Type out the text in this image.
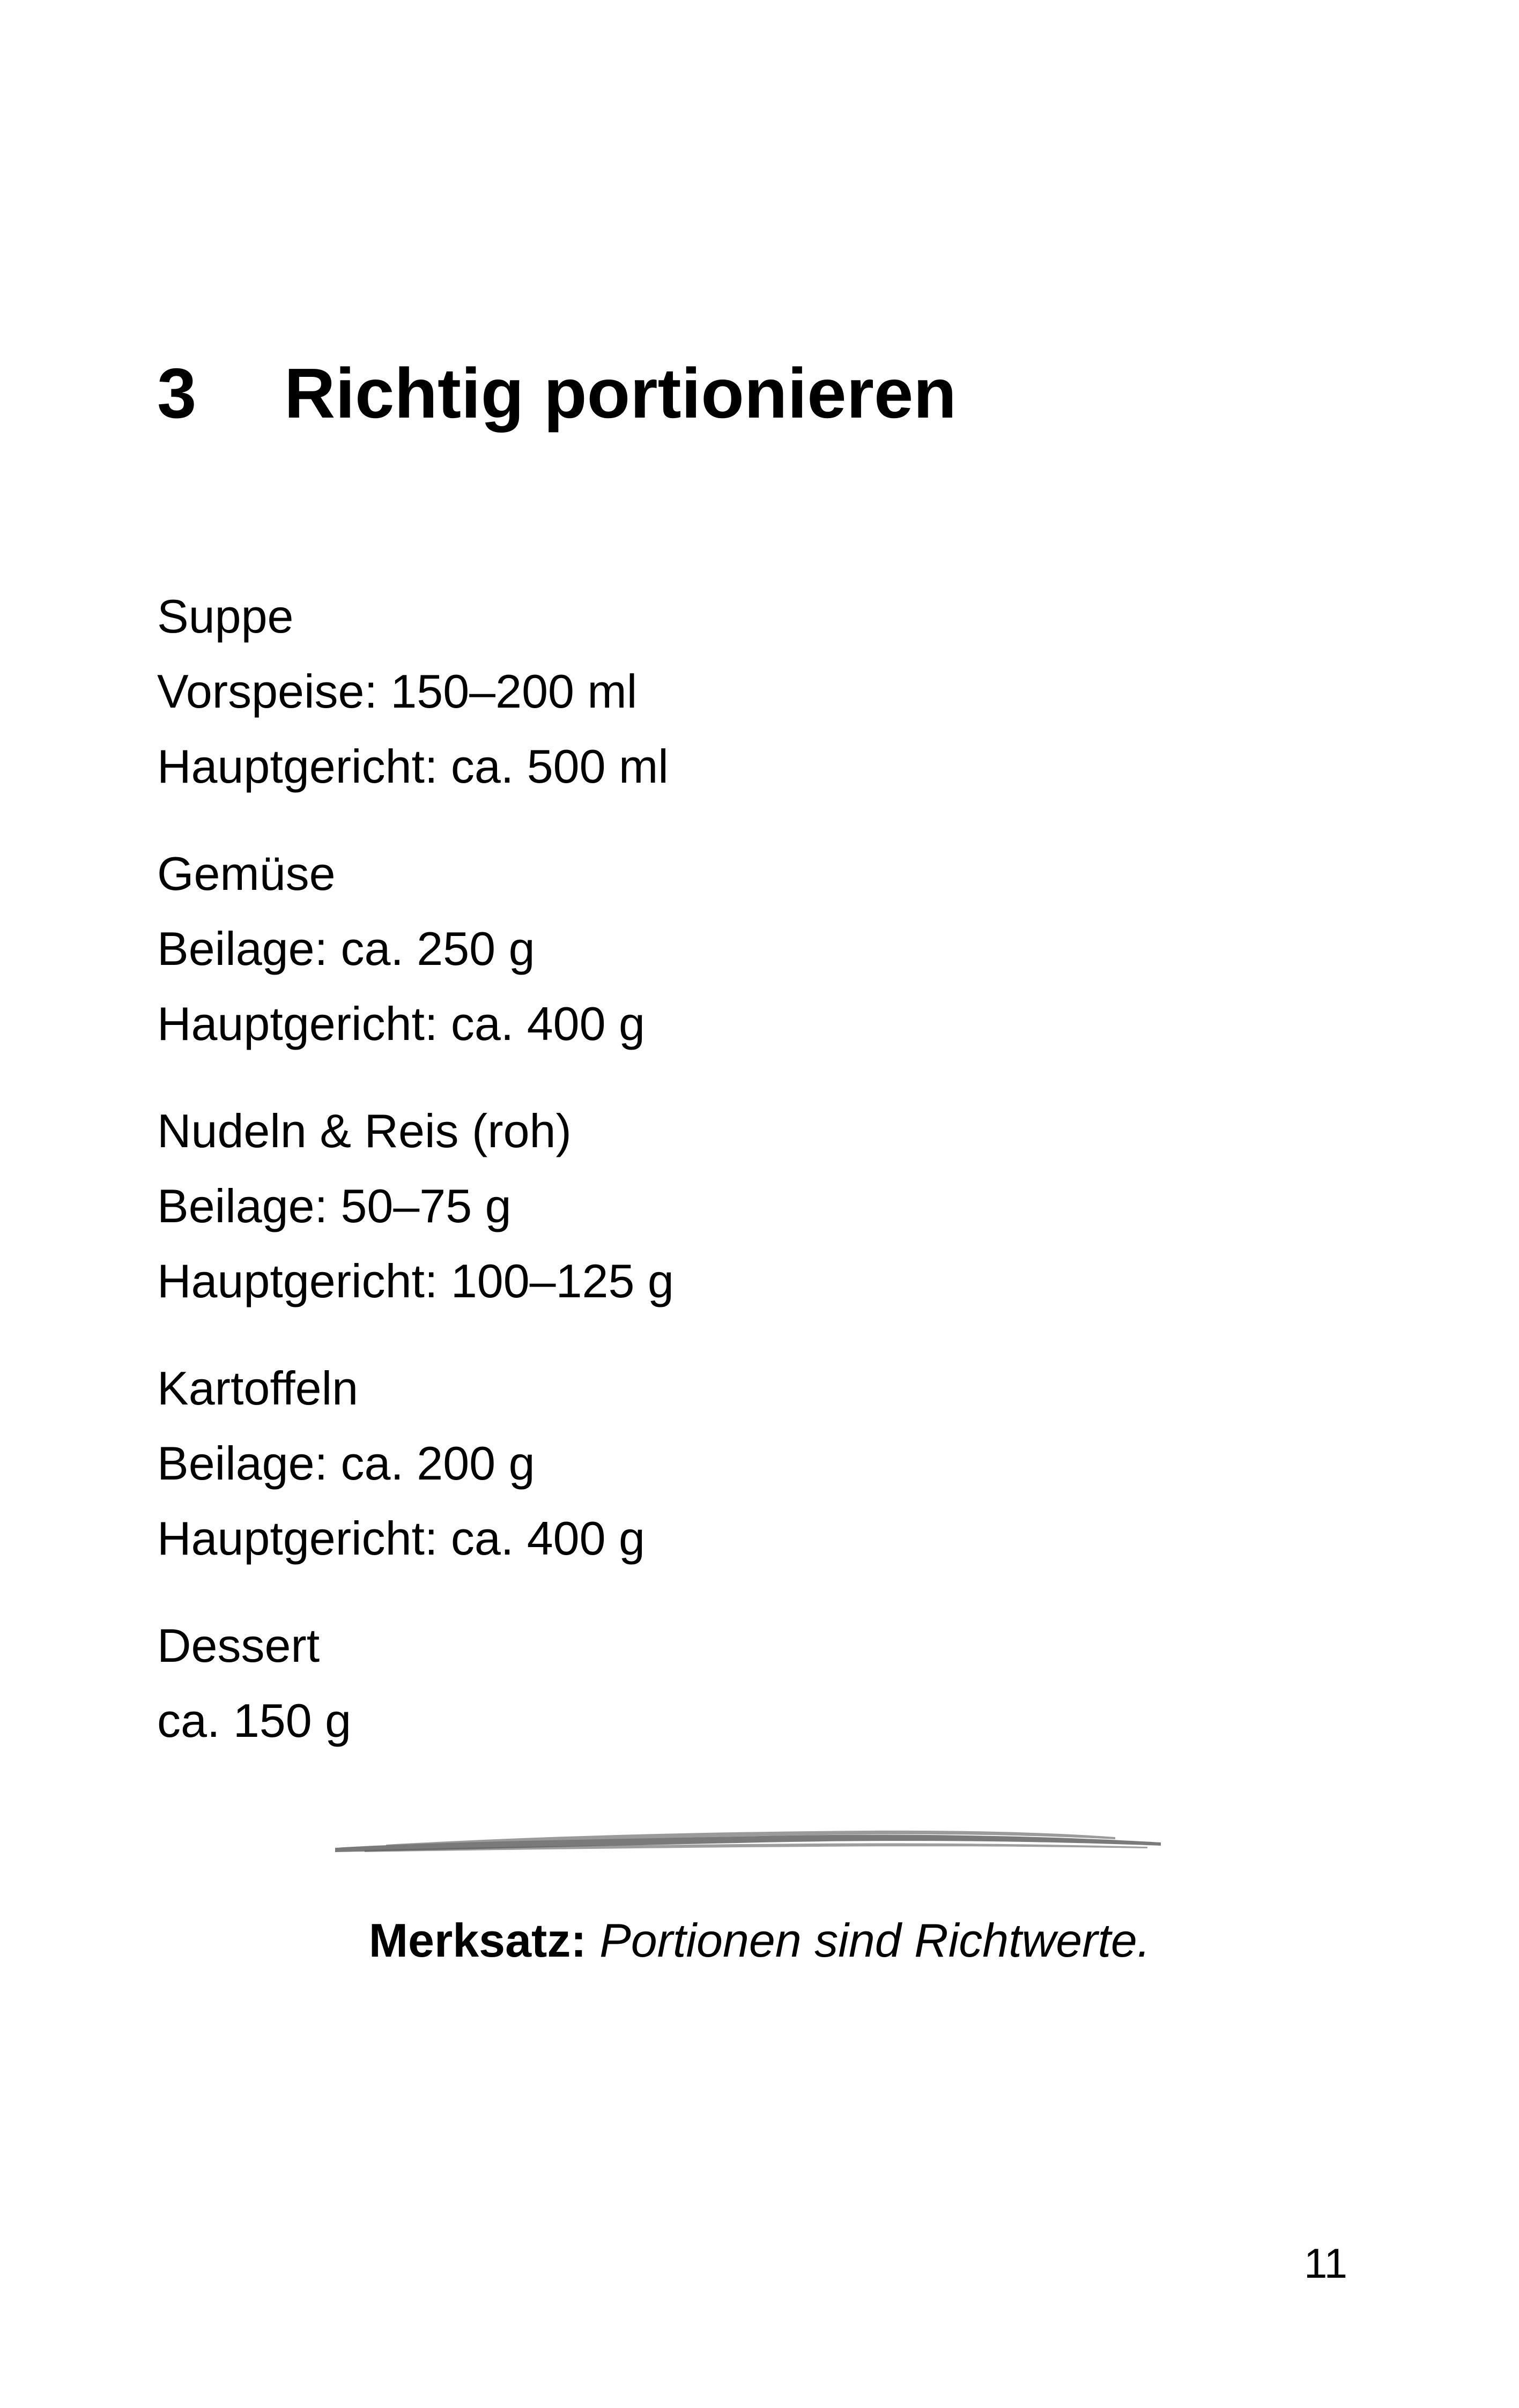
3 Richtig portionieren
Suppe
Vorspeise: 150–200 ml
Hauptgericht: ca. 500 ml
Gemüse
Beilage: ca. 250 g
Hauptgericht: ca. 400 g
Nudeln & Reis (roh)
Beilage: 50–75 g
Hauptgericht: 100–125 g
Kartoffeln
Beilage: ca. 200 g
Hauptgericht: ca. 400 g
Dessert
ca. 150 g
Merksatz: Portionen sind Richtwerte.
11
